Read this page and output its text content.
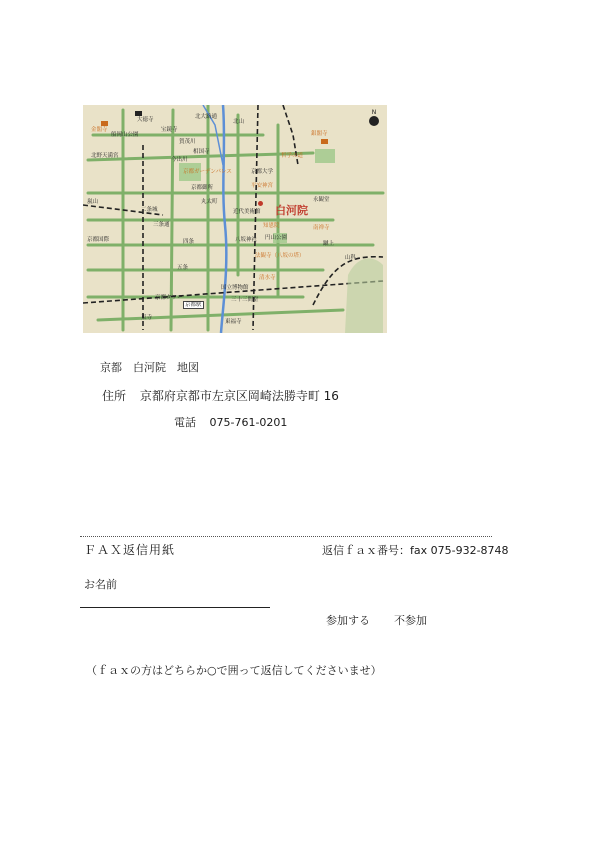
N
大徳寺
金閣寺
船岡山公園
北大路通
北山
銀閣寺
宝鏡寺
賀茂川
今出川
北野天満宮
相国寺
京都大学
京都ガーデンパレス
京都御所
丸太町
平安神宮
永観堂
近代美術館
南禅寺
知恩院
円山公園
八坂神社
法観寺（八坂の塔）
清水寺
二条城
三条通
四条
京都国際
五条
京都駅
京都タワー
東寺
国立博物館
三十三間堂
東福寺
山科
蹴上
哲学の道
嵐山
白河院
京都　白河院　地図
住所 京都府京都市左京区岡崎法勝寺町 16
電話 075-761-0201
ＦＡＸ返信用紙	返信ｆａｘ番号：fax 075-932-8748
お名前
参加する 不参加
（ｆａｘの方はどちらか○で囲って返信してくださいませ）
